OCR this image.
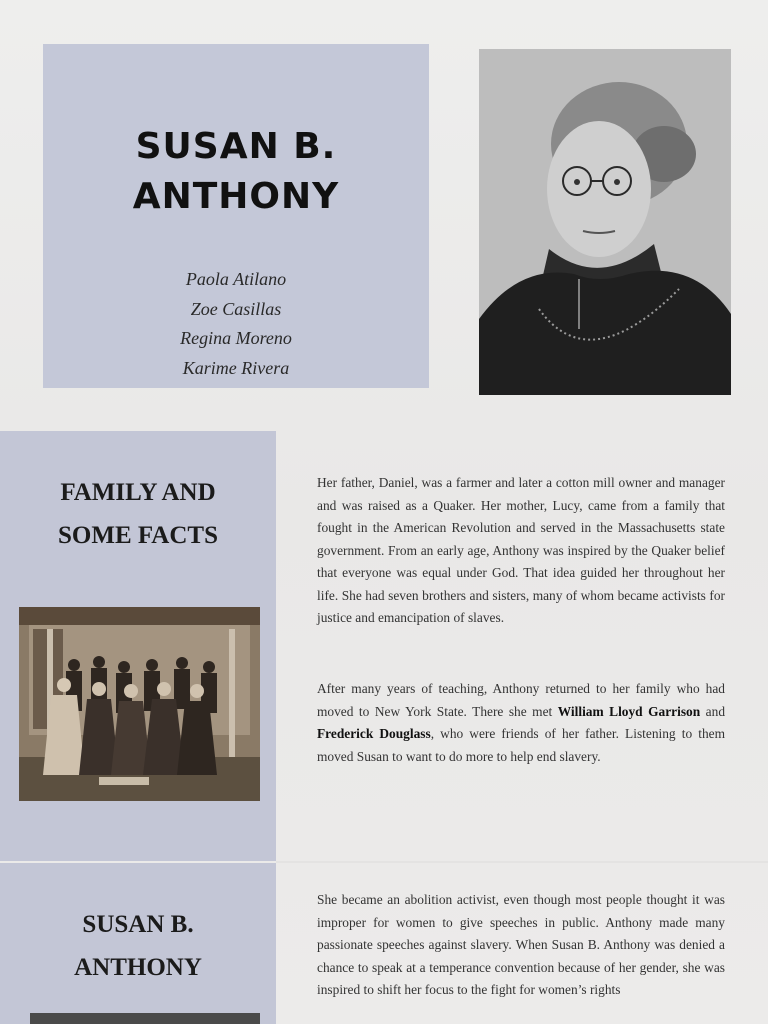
SUSAN B.
ANTHONY
Paola Atilano
Zoe Casillas
Regina Moreno
Karime Rivera
FAMILY AND
SOME FACTS

Her father, Daniel, was a farmer and later a cotton mill owner and manager and was raised as a Quaker. Her mother, Lucy, came from a family that fought in the American Revolution and served in the Massachusetts state government. From an early age, Anthony was inspired by the Quaker belief that everyone was equal under God. That idea guided her throughout her life. She had seven brothers and sisters, many of whom became activists for justice and emancipation of slaves.

After many years of teaching, Anthony returned to her family who had moved to New York State. There she met William Lloyd Garrison and Frederick Douglass, who were friends of her father. Listening to them moved Susan to want to do more to help end slavery.

SUSAN B.
ANTHONY

She became an abolition activist, even though most people thought it was improper for women to give speeches in public. Anthony made many passionate speeches against slavery. When Susan B. Anthony was denied a chance to speak at a temperance convention because of her gender, she was inspired to shift her focus to the fight for women’s rights
